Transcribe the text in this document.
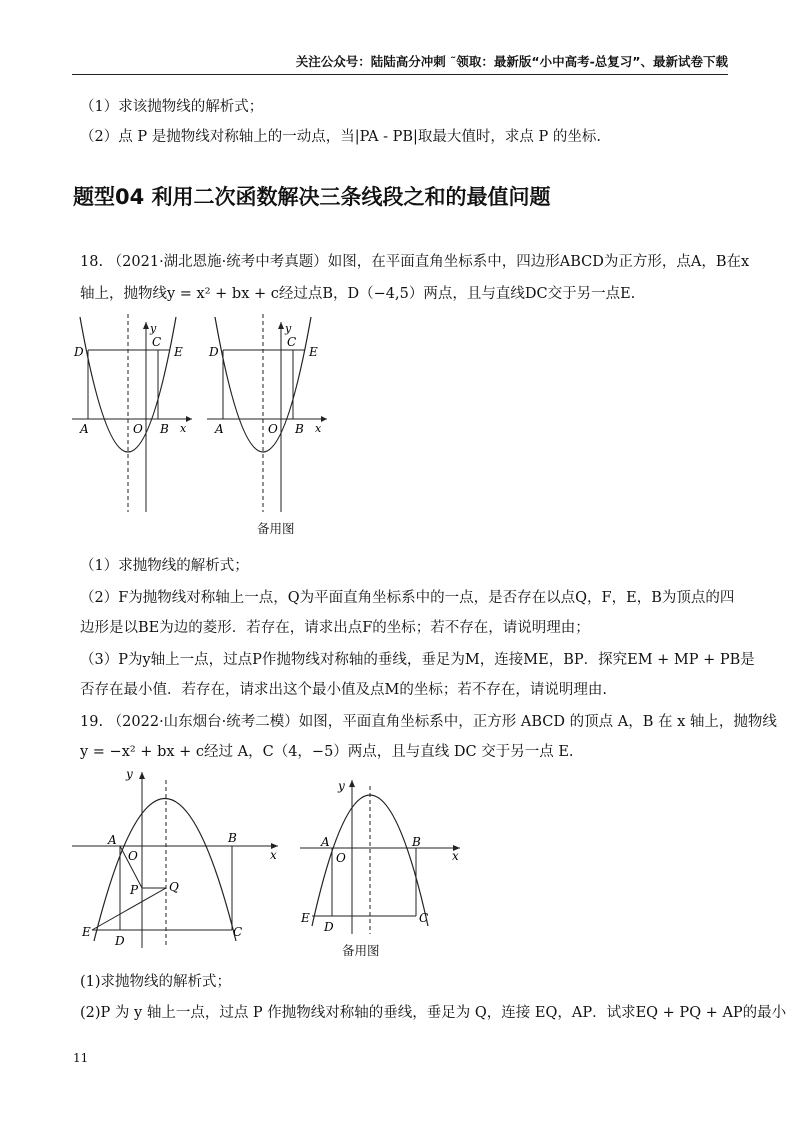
关注公众号：陆陆高分冲刺 ˜领取：最新版“小中高考-总复习”、最新试卷下载
（1）求该抛物线的解析式；
（2）点 P 是抛物线对称轴上的一动点，当|PA - PB|取最大值时，求点 P 的坐标.
题型04 利用二次函数解决三条线段之和的最值问题
18. （2021·湖北恩施·统考中考真题）如图，在平面直角坐标系中，四边形ABCD为正方形，点A，B在x
轴上，抛物线y = x² + bx + c经过点B，D（−4,5）两点，且与直线DC交于另一点E.
D
C
E
y
x
A	O B
D
C
E
y
x
A	O B
备用图
（1）求抛物线的解析式；
（2）F为抛物线对称轴上一点，Q为平面直角坐标系中的一点，是否存在以点Q，F，E，B为顶点的四
边形是以BE为边的菱形．若存在，请求出点F的坐标；若不存在，请说明理由；
（3）P为y轴上一点，过点P作抛物线对称轴的垂线，垂足为M，连接ME，BP．探究EM + MP + PB是
否存在最小值．若存在，请求出这个最小值及点M的坐标；若不存在，请说明理由.
19. （2022·山东烟台·统考二模）如图，平面直角坐标系中，正方形 ABCD 的顶点 A，B 在 x 轴上，抛物线
y = −x² + bx + c经过 A，C（4，−5）两点，且与直线 DC 交于另一点 E.
y
x
A
O
B
P	Q
E
D
C
y
x
A
O
B
E
D
C
备用图
(1)求抛物线的解析式；
(2)P 为 y 轴上一点，过点 P 作抛物线对称轴的垂线，垂足为 Q，连接 EQ，AP．试求EQ + PQ + AP的最小
11
